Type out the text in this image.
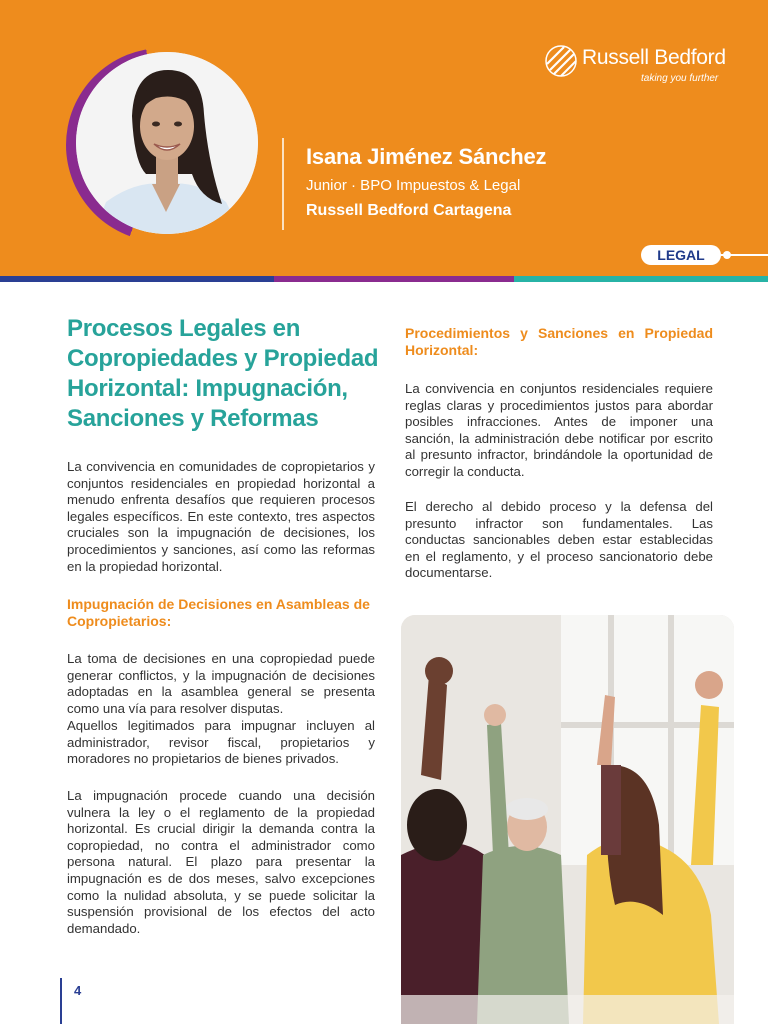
Isana Jiménez Sánchez
Junior · BPO Impuestos & Legal
Russell Bedford Cartagena
Russell Bedford
taking you further
LEGAL
Procesos Legales en Copropiedades y Propiedad Horizontal: Impugnación, Sanciones y Reformas

La convivencia en comunidades de copropietarios y conjuntos residenciales en propiedad horizontal a menudo enfrenta desafíos que requieren procesos legales específicos. En este contexto, tres aspectos cruciales son la impugnación de decisiones, los procedimientos y sanciones, así como las reformas en la propiedad horizontal.

Impugnación de Decisiones en Asambleas de Copropietarios:

La toma de decisiones en una copropiedad puede generar conflictos, y la impugnación de decisiones adoptadas en la asamblea general se presenta como una vía para resolver disputas.

Aquellos legitimados para impugnar incluyen al administrador, revisor fiscal, propietarios y moradores no propietarios de bienes privados.

La impugnación procede cuando una decisión vulnera la ley o el reglamento de la propiedad horizontal. Es crucial dirigir la demanda contra la copropiedad, no contra el administrador como persona natural. El plazo para presentar la impugnación es de dos meses, salvo excepciones como la nulidad absoluta, y se puede solicitar la suspensión provisional de los efectos del acto demandado.

Procedimientos y Sanciones en Propiedad Horizontal:

La convivencia en conjuntos residenciales requiere reglas claras y procedimientos justos para abordar posibles infracciones. Antes de imponer una sanción, la administración debe notificar por escrito al presunto infractor, brindándole la oportunidad de corregir la conducta.

El derecho al debido proceso y la defensa del presunto infractor son fundamentales. Las conductas sancionables deben estar establecidas en el reglamento, y el proceso sancionatorio debe documentarse.

4
